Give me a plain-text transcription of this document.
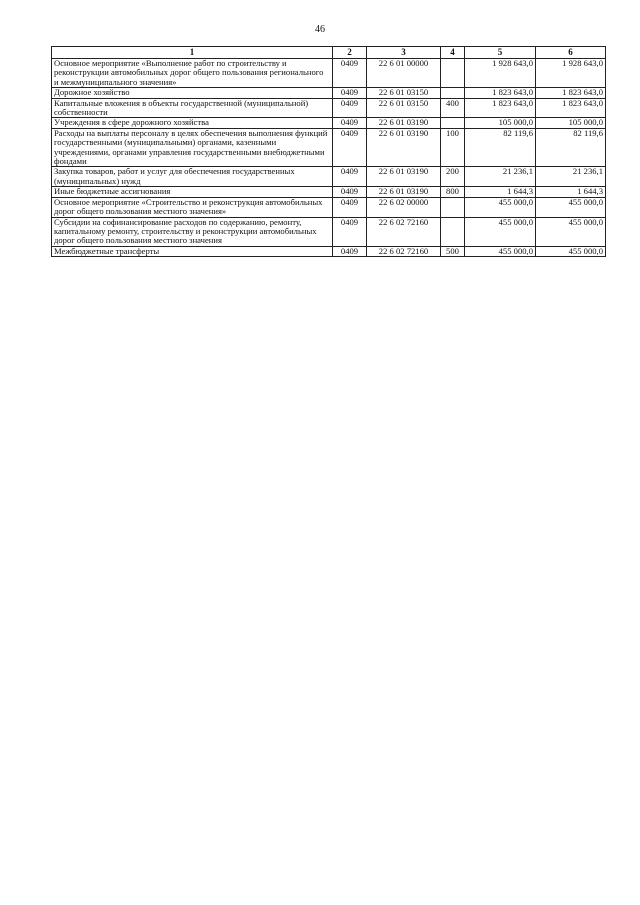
46
1	2	3	4	5	6
Основное мероприятие «Выполнение работ по строительству и реконструкции автомобильных дорог общего пользования регионального и межмуниципального значения»	0409	22 6 01 00000		1 928 643,0	1 928 643,0
Дорожное хозяйство	0409	22 6 01 03150		1 823 643,0	1 823 643,0
Капитальные вложения в объекты государственной (муниципальной) собственности	0409	22 6 01 03150	400	1 823 643,0	1 823 643,0
Учреждения в сфере дорожного хозяйства	0409	22 6 01 03190		105 000,0	105 000,0
Расходы на выплаты персоналу в целях обеспечения выполнения функций государственными (муниципальными) органами, казенными учреждениями, органами управления государственными внебюджетными фондами	0409	22 6 01 03190	100	82 119,6	82 119,6
Закупка товаров, работ и услуг для обеспечения государственных (муниципальных) нужд	0409	22 6 01 03190	200	21 236,1	21 236,1
Иные бюджетные ассигнования	0409	22 6 01 03190	800	1 644,3	1 644,3
Основное мероприятие «Строительство и реконструкция автомобильных дорог общего пользования местного значения»	0409	22 6 02 00000		455 000,0	455 000,0
Субсидии на софинансирование расходов по содержанию, ремонту, капитальному ремонту, строительству и реконструкции автомобильных дорог общего пользования местного значения	0409	22 6 02 72160		455 000,0	455 000,0
Межбюджетные трансферты	0409	22 6 02 72160	500	455 000,0	455 000,0
